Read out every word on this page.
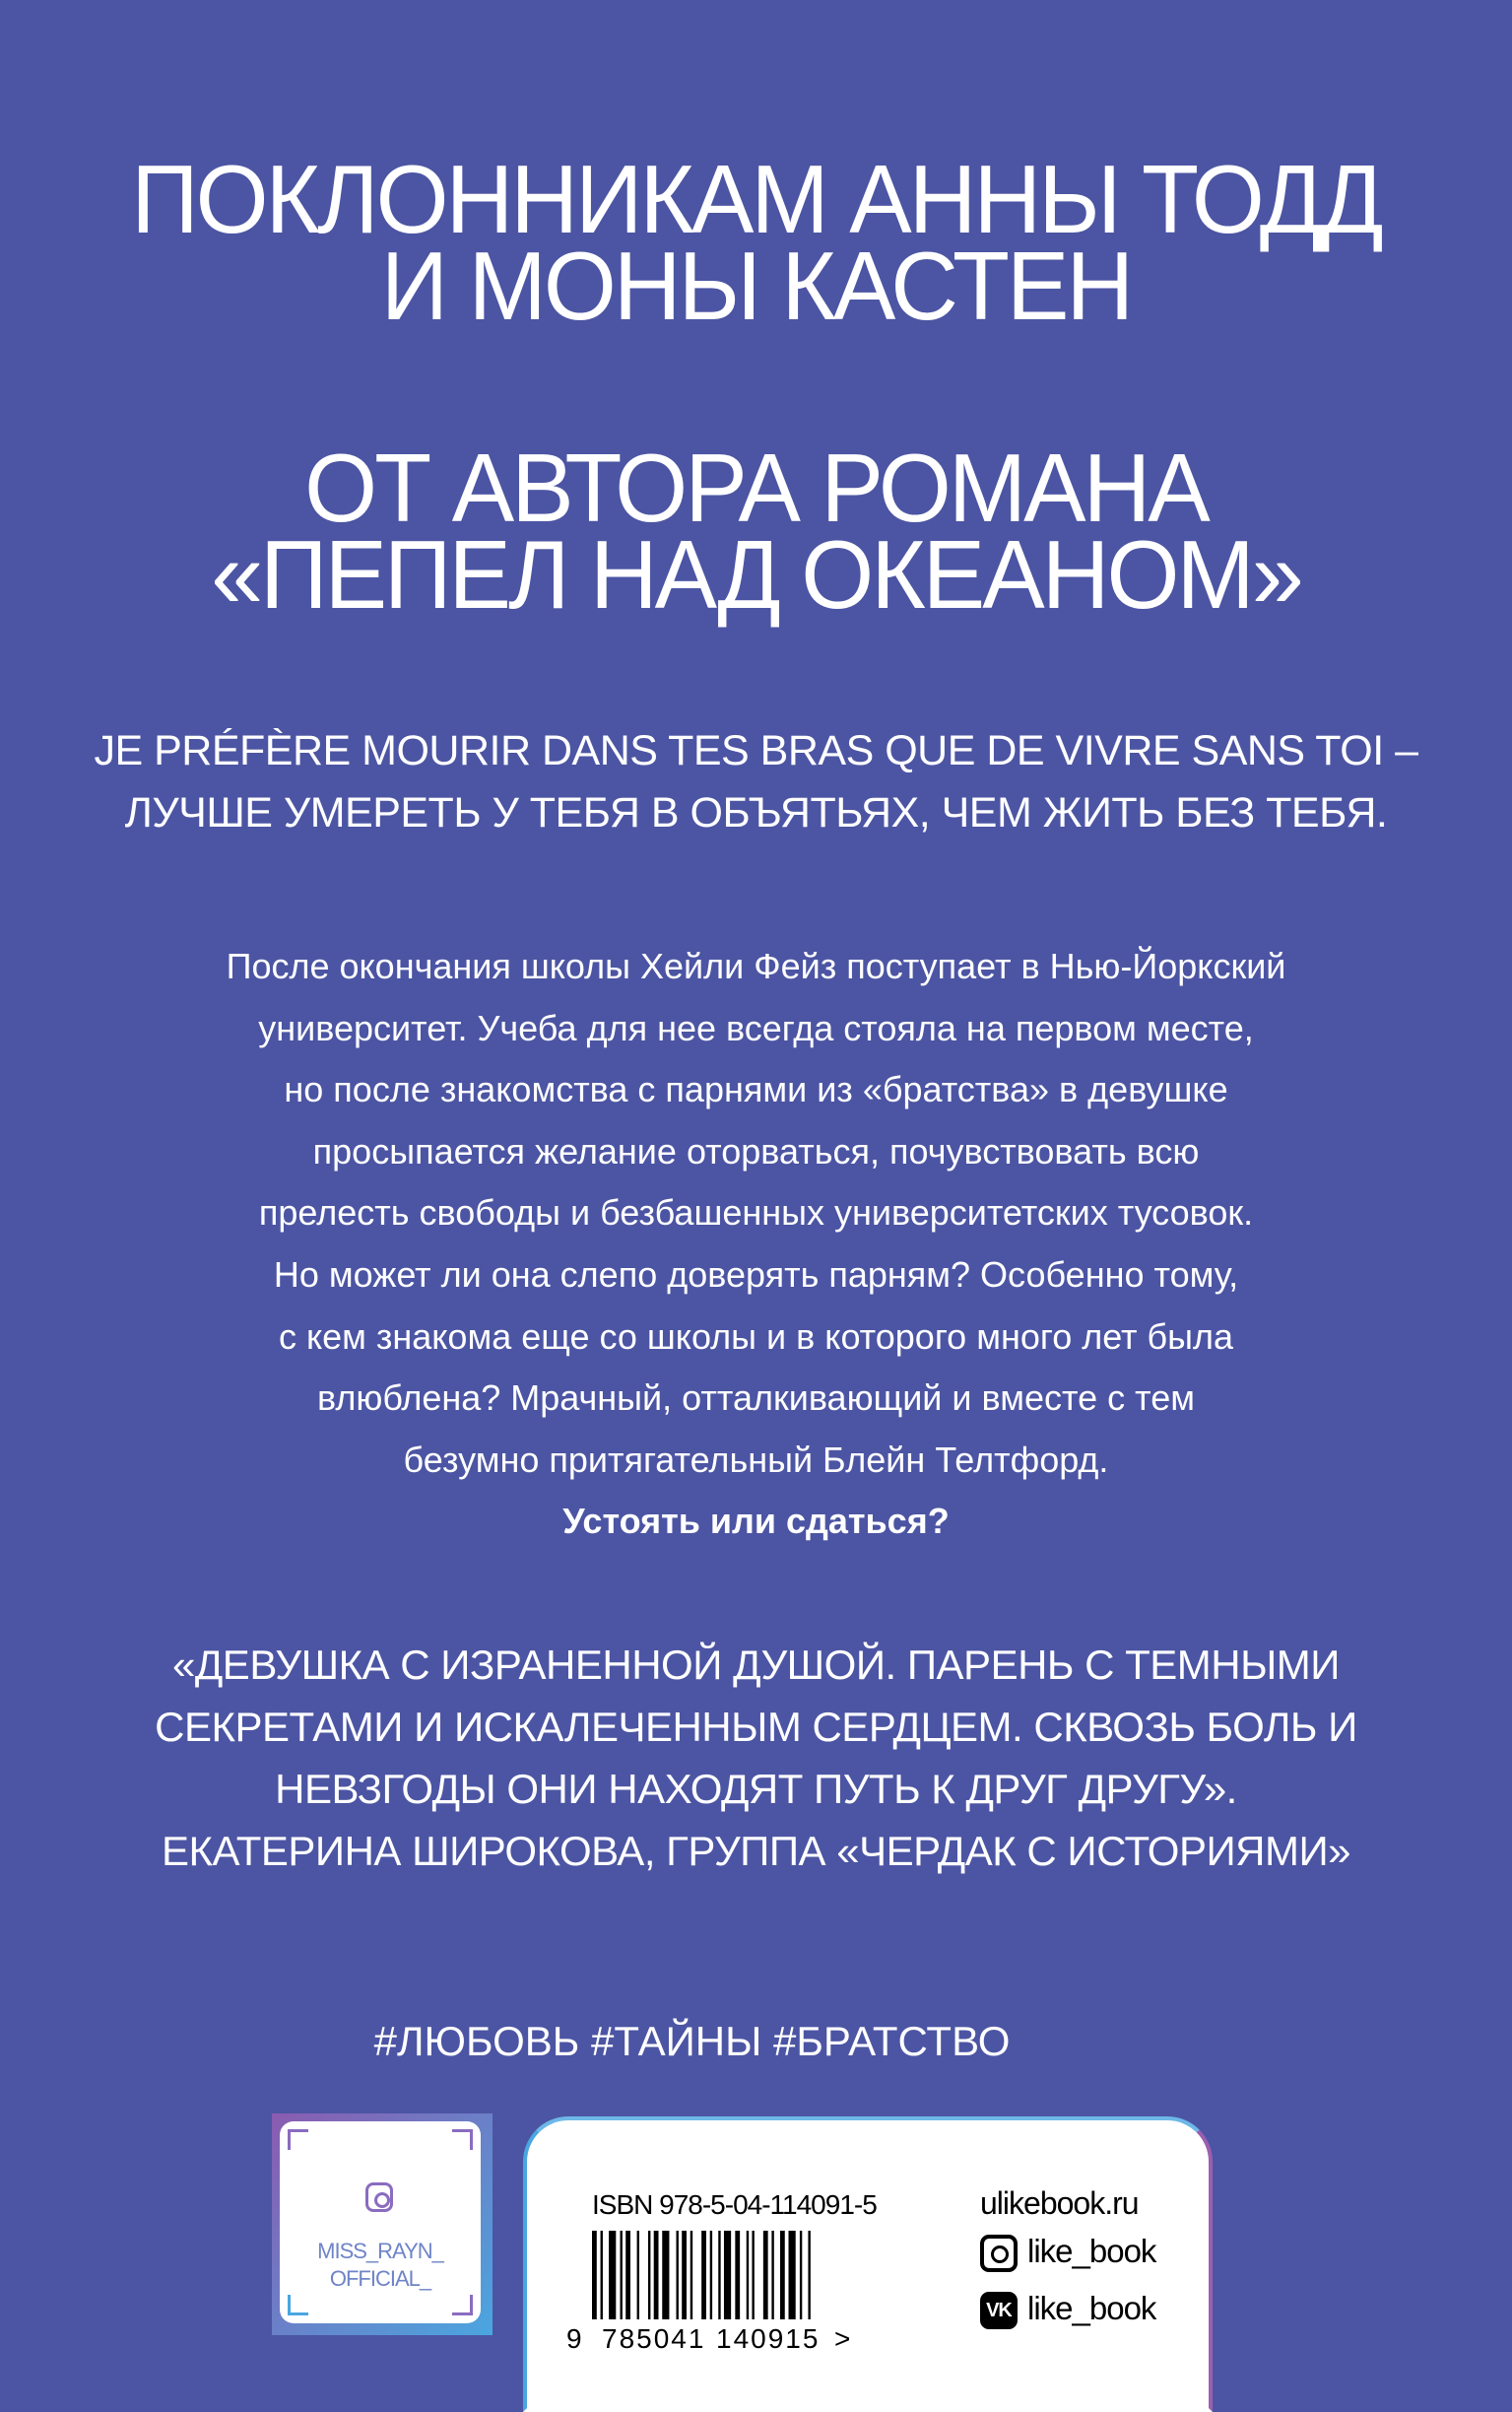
ПОКЛОННИКАМ АННЫ ТОДД
И МОНЫ КАСТЕН
ОТ АВТОРА РОМАНА
«ПЕПЕЛ НАД ОКЕАНОМ»
JE PRÉFÈRE MOURIR DANS TES BRAS QUE DE VIVRE SANS TOI –
ЛУЧШЕ УМЕРЕТЬ У ТЕБЯ В ОБЪЯТЬЯХ, ЧЕМ ЖИТЬ БЕЗ ТЕБЯ.
После окончания школы Хейли Фейз поступает в Нью-Йоркский
университет. Учеба для нее всегда стояла на первом месте,
но после знакомства с парнями из «братства» в девушке
просыпается желание оторваться, почувствовать всю
прелесть свободы и безбашенных университетских тусовок.
Но может ли она слепо доверять парням? Особенно тому,
с кем знакома еще со школы и в которого много лет была
влюблена? Мрачный, отталкивающий и вместе с тем
безумно притягательный Блейн Телтфорд.
Устоять или сдаться?
«ДЕВУШКА С ИЗРАНЕННОЙ ДУШОЙ. ПАРЕНЬ С ТЕМНЫМИ
СЕКРЕТАМИ И ИСКАЛЕЧЕННЫМ СЕРДЦЕМ. СКВОЗЬ БОЛЬ И
НЕВЗГОДЫ ОНИ НАХОДЯТ ПУТЬ К ДРУГ ДРУГУ».
ЕКАТЕРИНА ШИРОКОВА, ГРУППА «ЧЕРДАК С ИСТОРИЯМИ»
#ЛЮБОВЬ #ТАЙНЫ #БРАТСТВО
MISS_RAYN_
OFFICIAL_
ISBN 978-5-04-114091-5
9 785041 140915 >
ulikebook.ru
like_book
VK like_book
